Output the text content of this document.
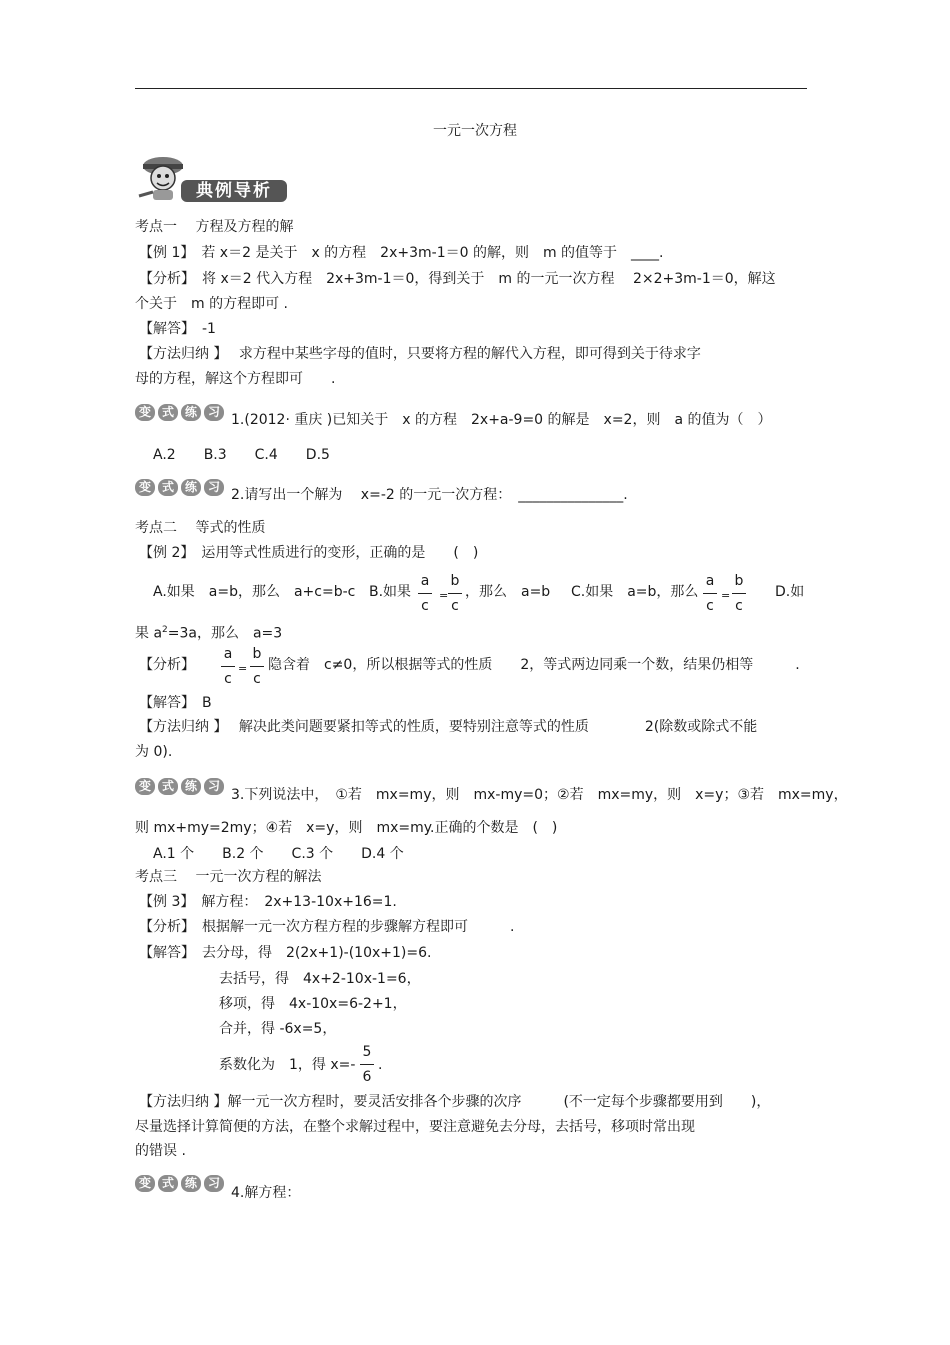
一元一次方程
典例导析
考点一　 方程及方程的解
【例 1】　若 x＝2 是关于　x 的方程　2x+3m-1＝0 的解，则　m 的值等于　____.
【分析】　将 x＝2 代入方程　2x+3m-1＝0，得到关于　m 的一元一次方程　 2×2+3m-1＝0，解这
个关于　m 的方程即可 .
【解答】　-1
【方法归纳 】　 求方程中某些字母的值时，只要将方程的解代入方程，即可得到关于待求字
母的方程，解这个方程即可　　.
变 式 练 习 1.(2012· 重庆 )已知关于　x 的方程　2x+a-9=0 的解是　x=2，则　a 的值为（　）
A.2　　B.3　　C.4　　D.5
变 式 练 习 2.请写出一个解为　 x=-2 的一元一次方程：　_______________.
考点二　 等式的性质
【例 2】　运用等式性质进行的变形，正确的是　　(　)
A.如果　a=b，那么　a+c=b-c B.如果
a
c
=
b
c
，那么　a=b C.如果　a=b，那么
a
c
=
b
c
D.如
果 $a^2=3a$，那么　a=3
【分析】
a
c
=
b
c
隐含着　c≠0，所以根据等式的性质　　2，等式两边同乘一个数，结果仍相等　　　.
【解答】　B
【方法归纳 】　 解决此类问题要紧扣等式的性质，要特别注意等式的性质　　　　2(除数或除式不能
为 0).
变 式 练 习
3.下列说法中，　①若　mx=my，则　mx-my=0；②若　mx=my，则　x=y；③若　mx=my，
则 mx+my=2my；④若　x=y，则　mx=my.正确的个数是　(　)
A.1 个　　B.2 个　　C.3 个　　D.4 个
考点三　 一元一次方程的解法
【例 3】　解方程：　2x+13-10x+16=1.
【分析】　根据解一元一次方程方程的步骤解方程即可　　　.
【解答】　去分母，得　2(2x+1)-(10x+1)=6.
去括号，得　4x+2-10x-1=6，
移项，得　4x-10x=6-2+1，
合并，得 -6x=5，
系数化为　1，得 x=-
5
6
.
【方法归纳 】解一元一次方程时，要灵活安排各个步骤的次序　　　(不一定每个步骤都要用到　　)，
尽量选择计算简便的方法，在整个求解过程中，要注意避免去分母，去括号，移项时常出现
的错误 .
变 式 练 习
4.解方程：
